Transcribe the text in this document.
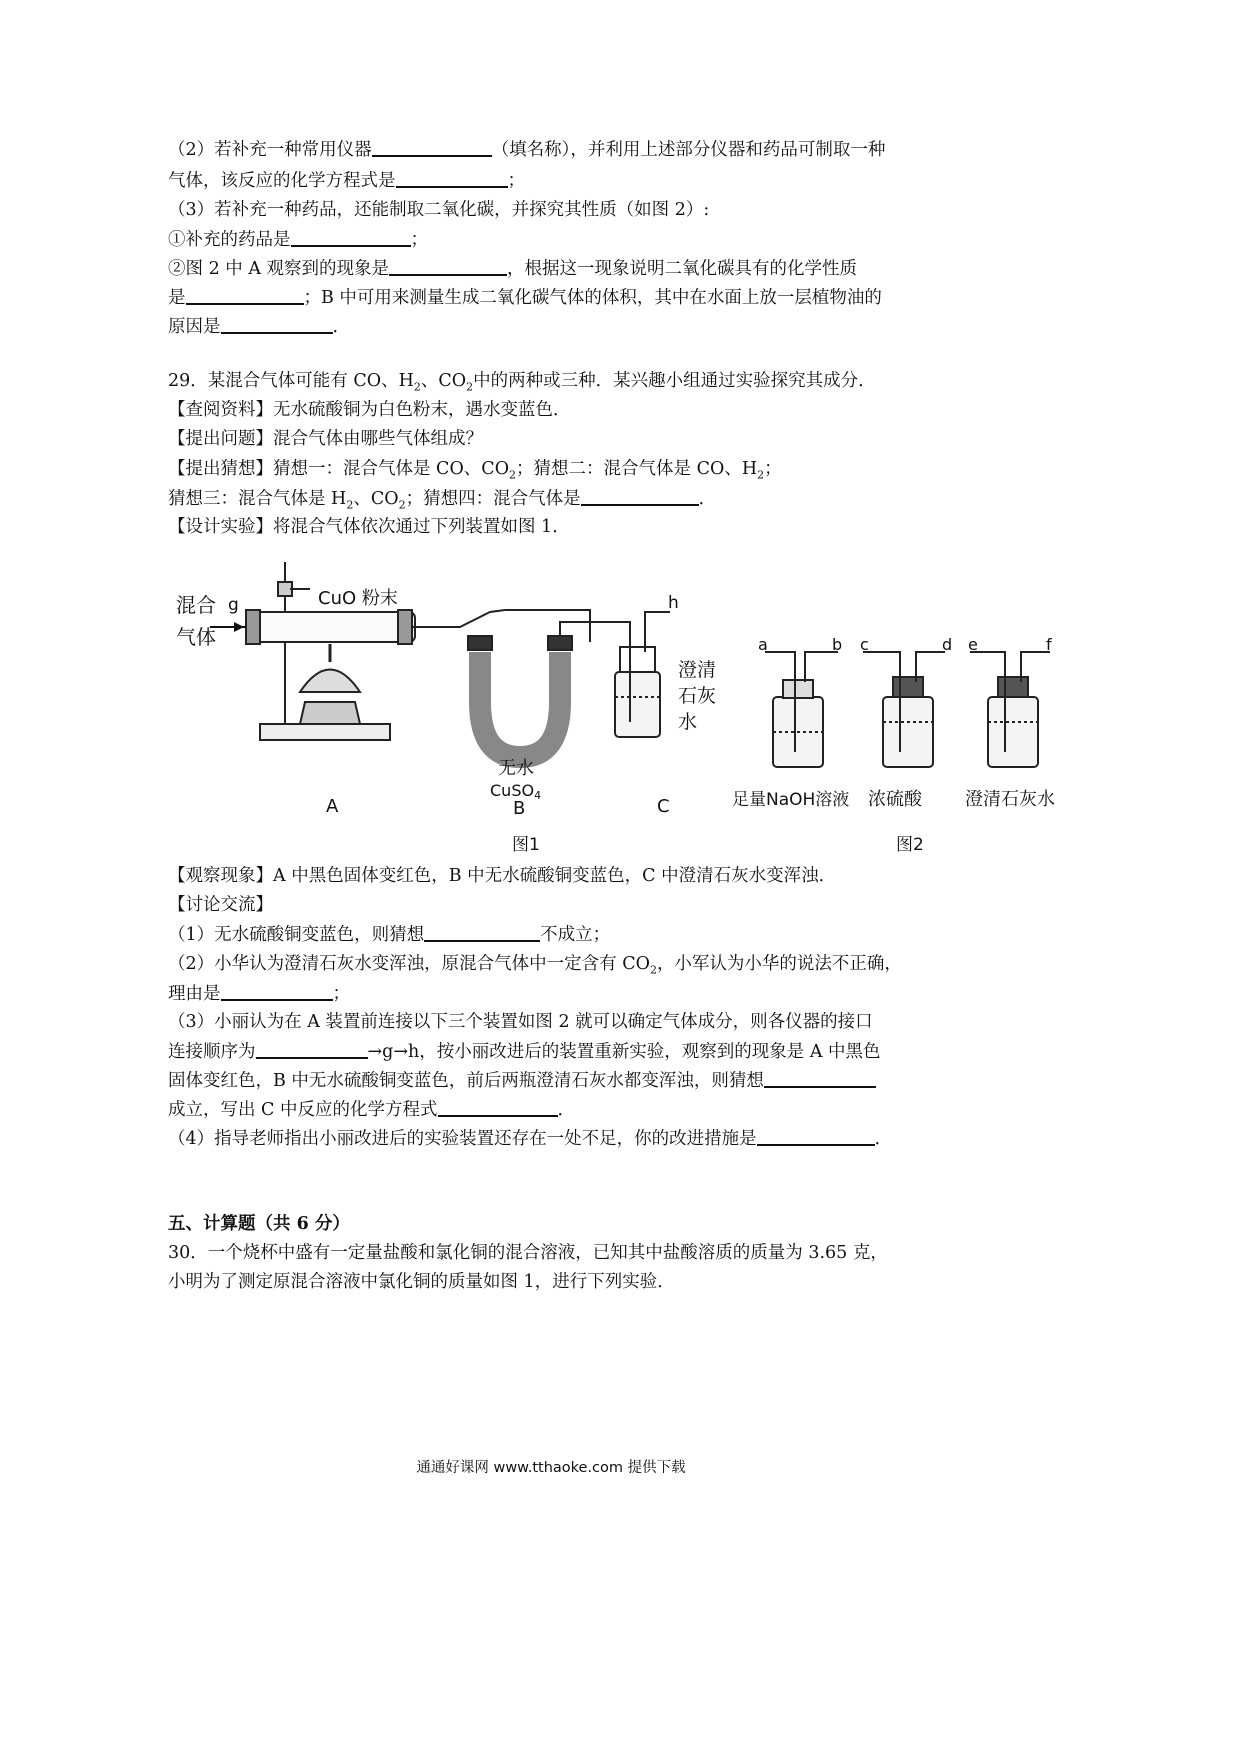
（2）若补充一种常用仪器	（填名称），并利用上述部分仪器和药品可制取一种
气体，该反应的化学方程式是	；
（3）若补充一种药品，还能制取二氧化碳，并探究其性质（如图 2）:
①补充的药品是	；
②图 2 中 A 观察到的现象是	，根据这一现象说明二氧化碳具有的化学性质
是	；B 中可用来测量生成二氧化碳气体的体积，其中在水面上放一层植物油的
原因是	．
29．某混合气体可能有 CO、$H_2$、$CO_2$中的两种或三种．某兴趣小组通过实验探究其成分．
【查阅资料】无水硫酸铜为白色粉末，遇水变蓝色．
【提出问题】混合气体由哪些气体组成？
【提出猜想】猜想一：混合气体是 CO、$CO_2$；猜想二：混合气体是 CO、$H_2$；
猜想三：混合气体是 $H_2$、$CO_2$；猜想四：混合气体是	．
【设计实验】将混合气体依次通过下列装置如图 1．
混合
气体
g	CuO 粉末	h
澄清
石灰
水
无水
CuSO4
A	B	C
图1
a	b c	d e	f
足量NaOH溶液 浓硫酸 澄清石灰水
图2
【观察现象】A 中黑色固体变红色，B 中无水硫酸铜变蓝色，C 中澄清石灰水变浑浊．
【讨论交流】
（1）无水硫酸铜变蓝色，则猜想	不成立；
（2）小华认为澄清石灰水变浑浊，原混合气体中一定含有 $CO_2$，小军认为小华的说法不正确，
理由是	；
（3）小丽认为在 A 装置前连接以下三个装置如图 2 就可以确定气体成分，则各仪器的接口
连接顺序为	→g→h，按小丽改进后的装置重新实验，观察到的现象是 A 中黑色
固体变红色，B 中无水硫酸铜变蓝色，前后两瓶澄清石灰水都变浑浊，则猜想
成立，写出 C 中反应的化学方程式	．
（4）指导老师指出小丽改进后的实验装置还存在一处不足，你的改进措施是	．
五、计算题（共 6 分）
30．一个烧杯中盛有一定量盐酸和氯化铜的混合溶液，已知其中盐酸溶质的质量为 3.65 克，
小明为了测定原混合溶液中氯化铜的质量如图 1，进行下列实验．
通通好课网 www.tthaoke.com 提供下载
